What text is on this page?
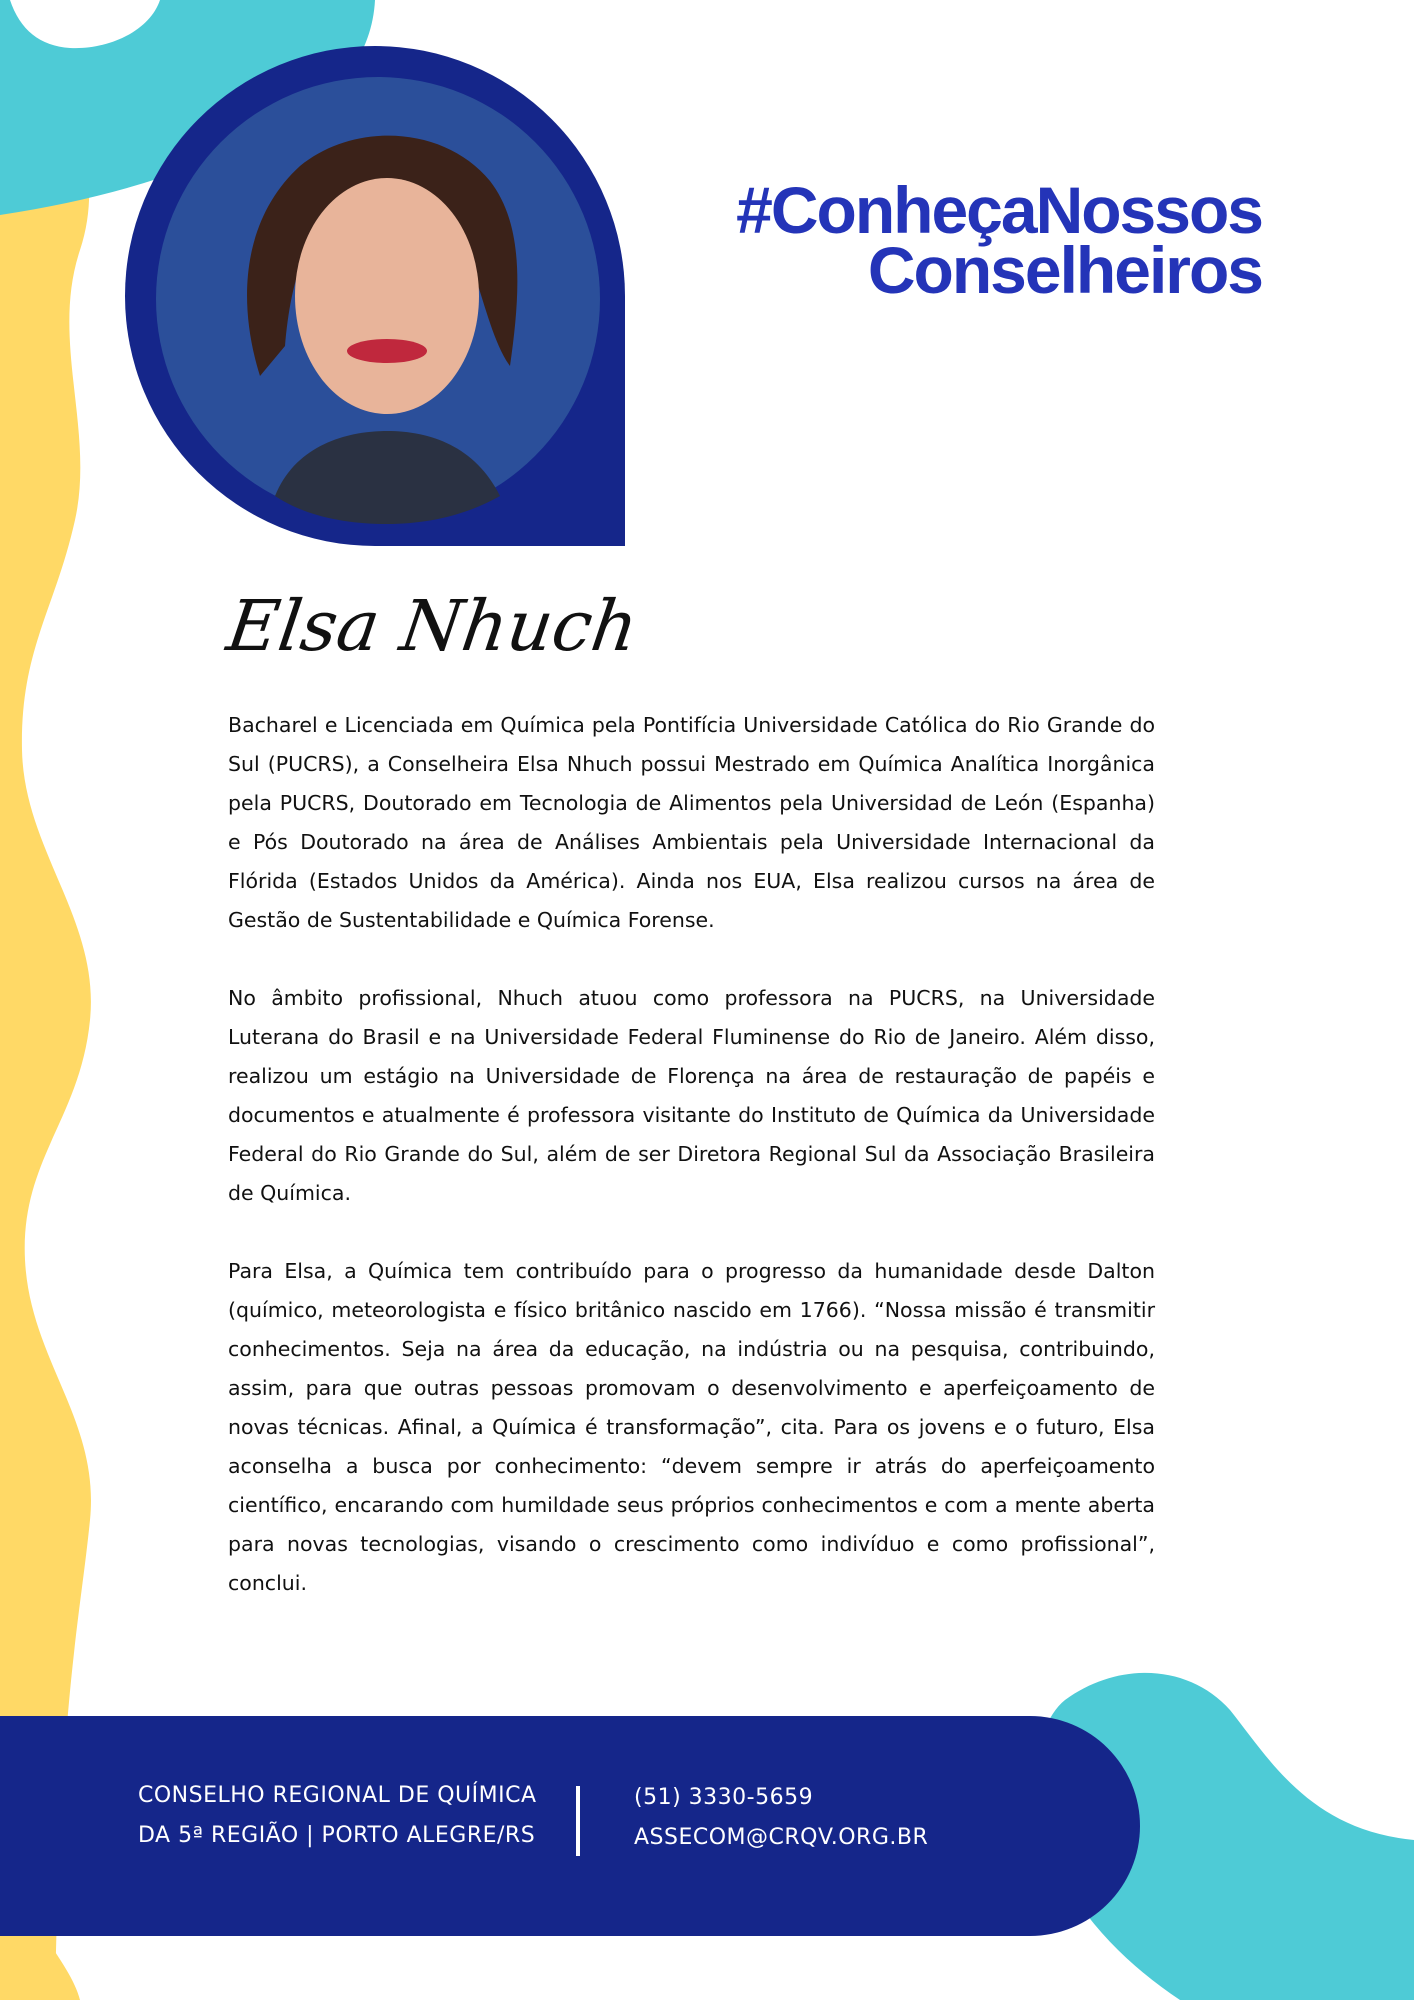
#ConheçaNossos
Conselheiros
Elsa Nhuch

Bacharel e Licenciada em Química pela Pontifícia Universidade Católica do Rio Grande do Sul (PUCRS), a Conselheira Elsa Nhuch possui Mestrado em Química Analítica Inorgânica pela PUCRS, Doutorado em Tecnologia de Alimentos pela Universidad de León (Espanha) e Pós Doutorado na área de Análises Ambientais pela Universidade Internacional da Flórida (Estados Unidos da América). Ainda nos EUA, Elsa realizou cursos na área de Gestão de Sustentabilidade e Química Forense.

No âmbito profissional, Nhuch atuou como professora na PUCRS, na Universidade Luterana do Brasil e na Universidade Federal Fluminense do Rio de Janeiro. Além disso, realizou um estágio na Universidade de Florença na área de restauração de papéis e documentos e atualmente é professora visitante do Instituto de Química da Universidade Federal do Rio Grande do Sul, além de ser Diretora Regional Sul da Associação Brasileira de Química.

Para Elsa, a Química tem contribuído para o progresso da humanidade desde Dalton (químico, meteorologista e físico britânico nascido em 1766). “Nossa missão é transmitir conhecimentos. Seja na área da educação, na indústria ou na pesquisa, contribuindo, assim, para que outras pessoas promovam o desenvolvimento e aperfeiçoamento de novas técnicas. Afinal, a Química é transformação”, cita. Para os jovens e o futuro, Elsa aconselha a busca por conhecimento: “devem sempre ir atrás do aperfeiçoamento científico, encarando com humildade seus próprios conhecimentos e com a mente aberta para novas tecnologias, visando o crescimento como indivíduo e como profissional”, conclui.

CONSELHO REGIONAL DE QUÍMICA
DA 5ª REGIÃO | PORTO ALEGRE/RS
(51) 3330-5659
ASSECOM@CRQV.ORG.BR
